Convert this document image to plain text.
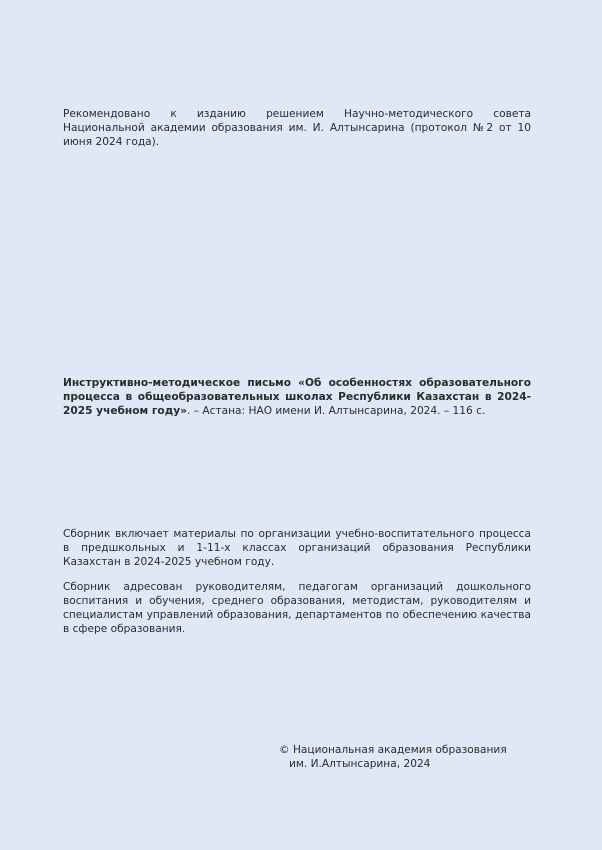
Рекомендовано к изданию решением Научно-методического совета Национальной академии образования им. И. Алтынсарина (протокол №2 от 10 июня 2024 года).

Инструктивно-методическое письмо «Об особенностях образовательного процесса в общеобразовательных школах Республики Казахстан в 2024-2025 учебном году». – Астана: НАО имени И. Алтынсарина, 2024. – 116 с.

Сборник включает материалы по организации учебно-воспитательного процесса в предшкольных и 1-11-х классах организаций образования Республики Казахстан в 2024-2025 учебном году.

Сборник адресован руководителям, педагогам организаций дошкольного воспитания и обучения, среднего образования, методистам, руководителям и специалистам управлений образования, департаментов по обеспечению качества в сфере образования.

© Национальная академия образования
им. И.Алтынсарина, 2024
